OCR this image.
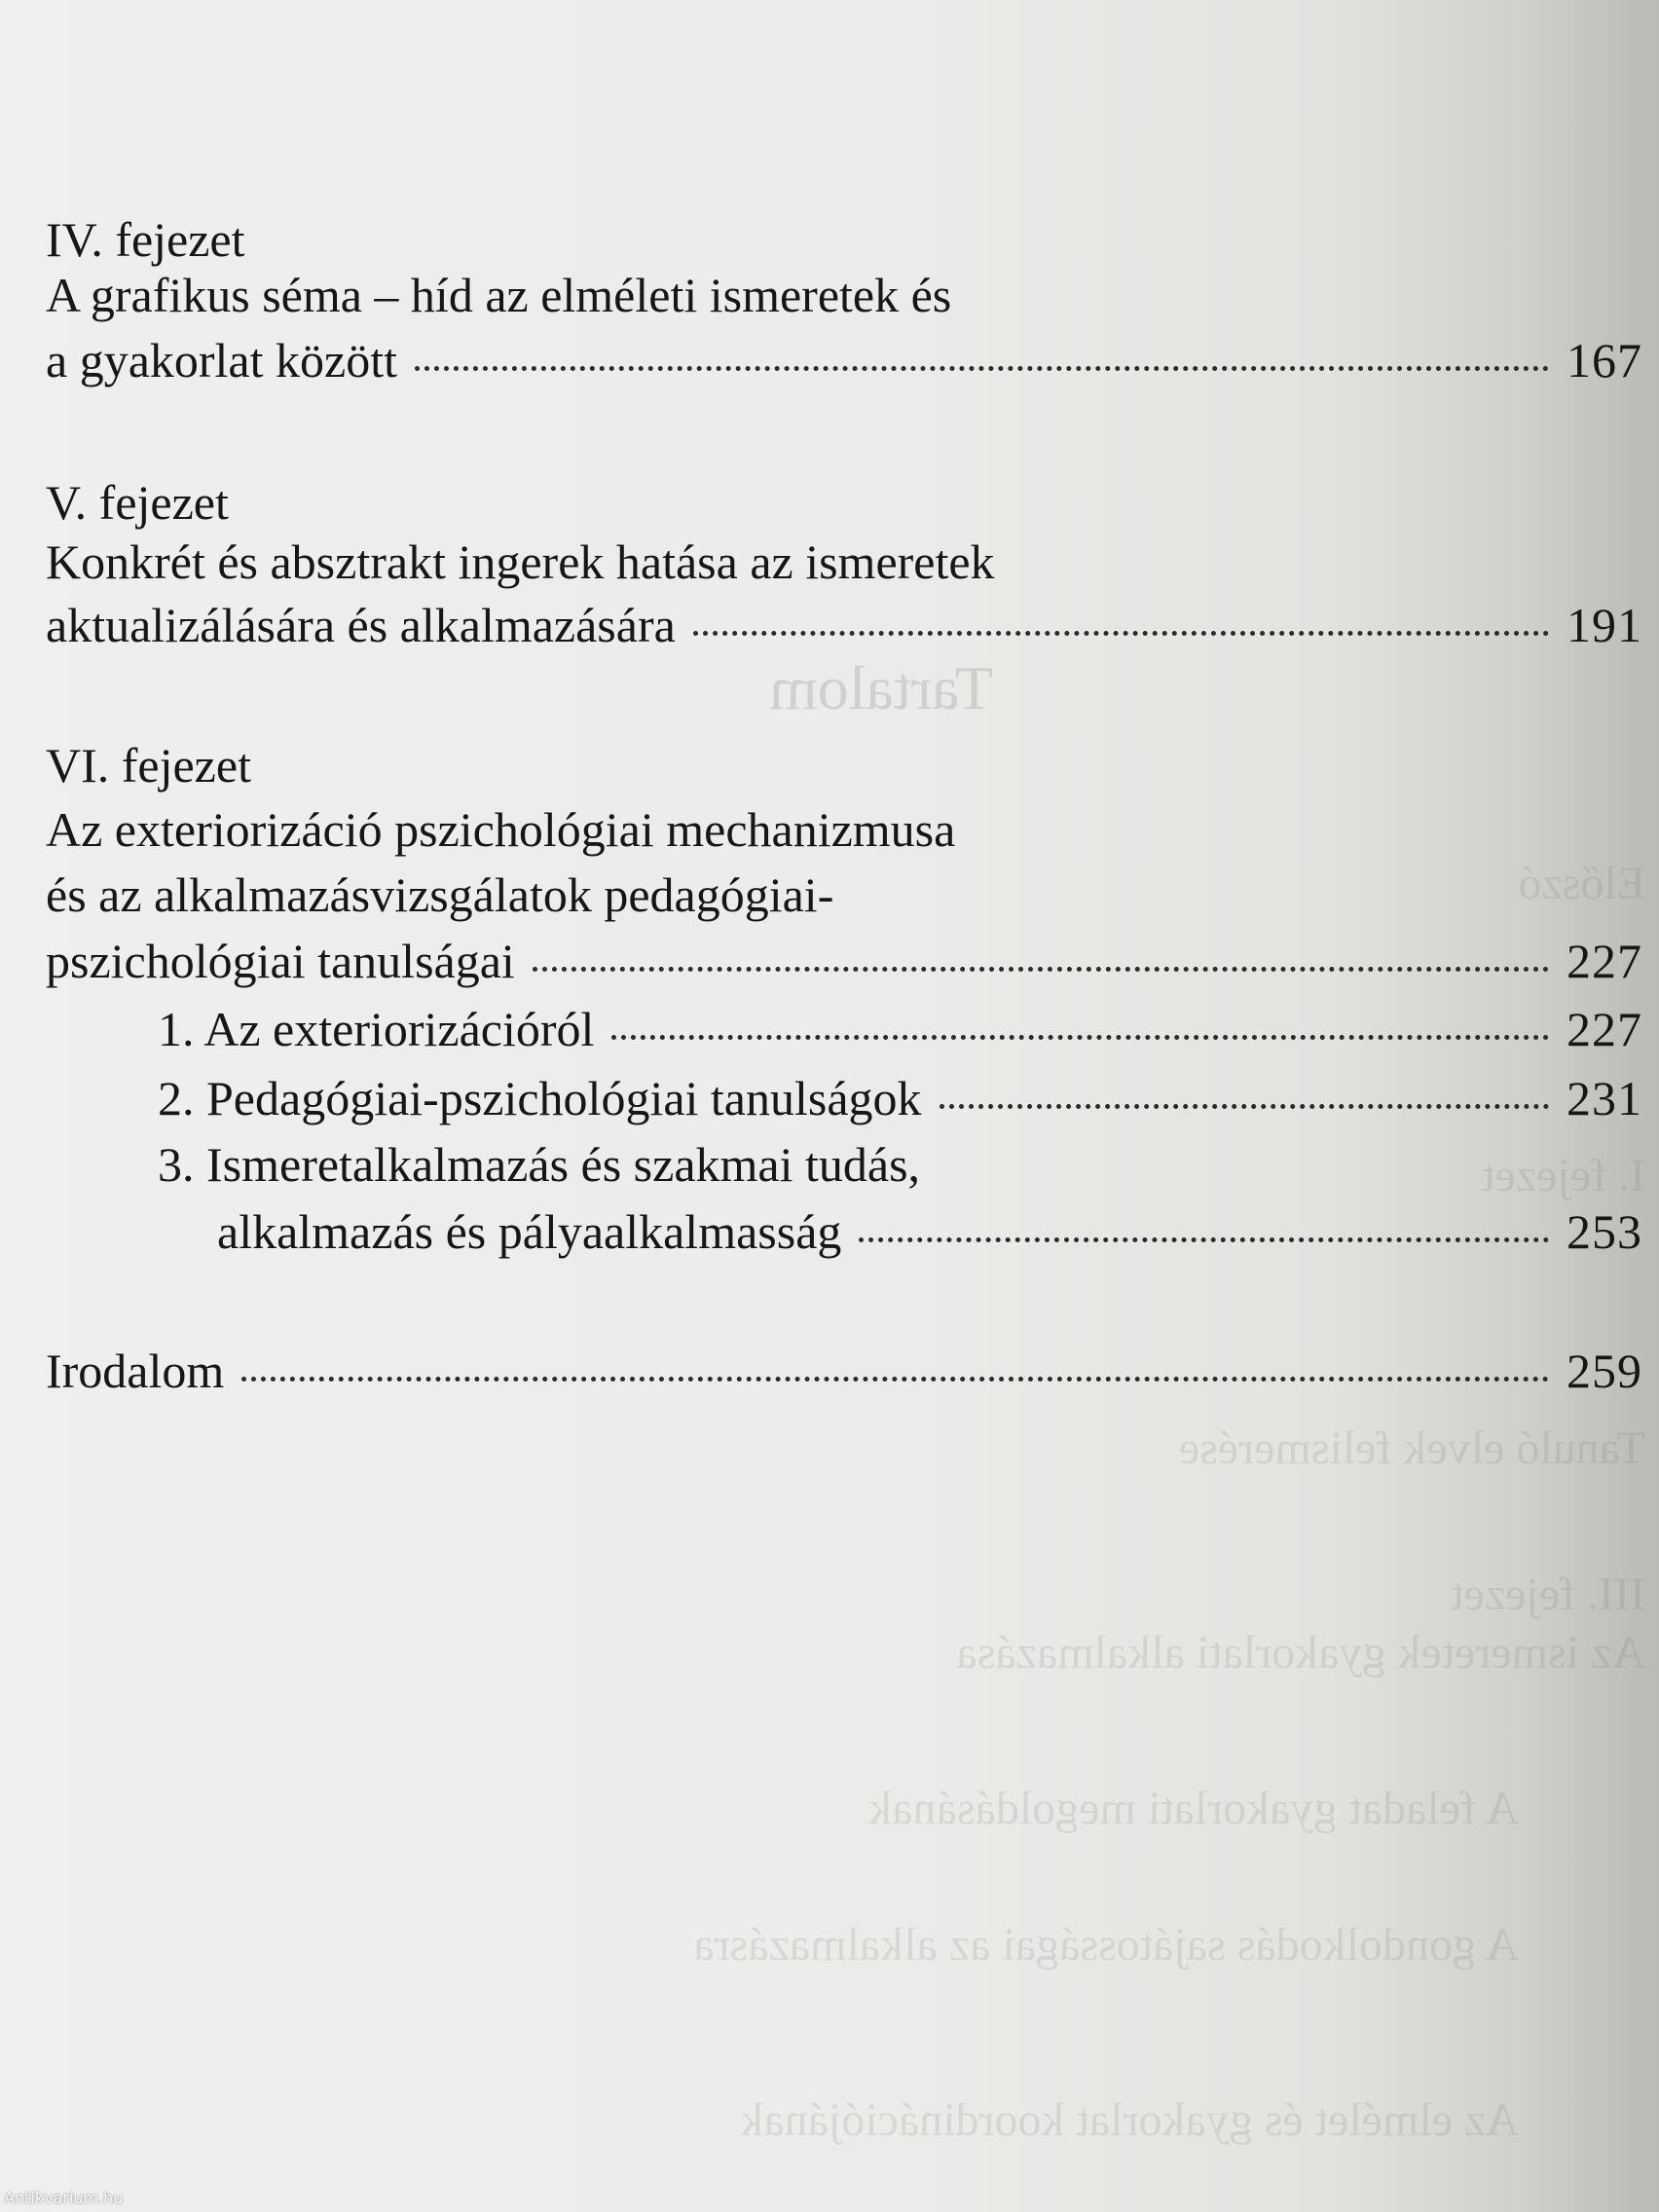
Tartalom
Előszó
I. fejezet
Tanuló elvek felismerése
III. fejezet
Az ismeretek gyakorlati alkalmazása
A feladat gyakorlati megoldásának
A gondolkodás sajátosságai az alkalmazásra
Az elmélet és gyakorlat koordinációjának
IV. fejezet
A grafikus séma – híd az elméleti ismeretek és
a gyakorlat között	167
V. fejezet
Konkrét és absztrakt ingerek hatása az ismeretek
aktualizálására és alkalmazására	191
VI. fejezet
Az exteriorizáció pszichológiai mechanizmusa
és az alkalmazásvizsgálatok pedagógiai-
pszichológiai tanulságai	227
1. Az exteriorizációról	227
2. Pedagógiai-pszichológiai tanulságok	231
3. Ismeretalkalmazás és szakmai tudás,
alkalmazás és pályaalkalmasság	253
Irodalom	259
Antikvarium.hu
